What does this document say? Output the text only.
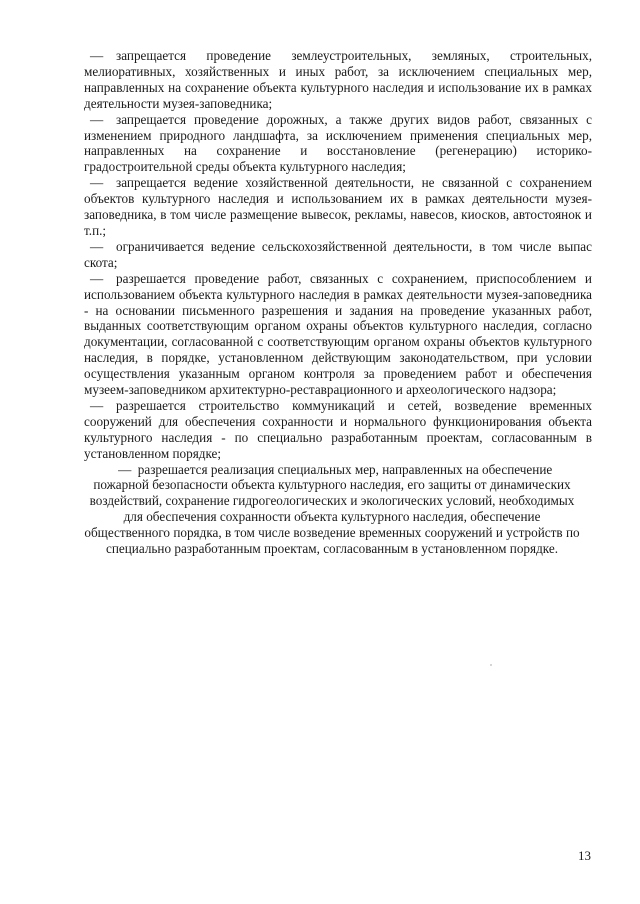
— запрещается проведение землеустроительных, земляных, строительных, мелиоративных, хозяйственных и иных работ, за исключением специальных мер, направленных на сохранение объекта культурного наследия и использование их в рамках деятельности музея-заповедника;

— запрещается проведение дорожных, а также других видов работ, связанных с изменением природного ландшафта, за исключением применения специальных мер, направленных на сохранение и восстановление (регенерацию) историко-градостроительной среды объекта культурного наследия;

— запрещается ведение хозяйственной деятельности, не связанной с сохранением объектов культурного наследия и использованием их в рамках деятельности музея-заповедника, в том числе размещение вывесок, рекламы, навесов, киосков, автостоянок и т.п.;

— ограничивается ведение сельскохозяйственной деятельности, в том числе выпас скота;

— разрешается проведение работ, связанных с сохранением, приспособлением и использованием объекта культурного наследия в рамках деятельности музея-заповедника - на основании письменного разрешения и задания на проведение указанных работ, выданных соответствующим органом охраны объектов культурного наследия, согласно документации, согласованной с соответствующим органом охраны объектов культурного наследия, в порядке, установленном действующим законодательством, при условии осуществления указанным органом контроля за проведением работ и обеспечения музеем-заповедником архитектурно-реставрационного и археологического надзора;

— разрешается строительство коммуникаций и сетей, возведение временных сооружений для обеспечения сохранности и нормального функционирования объекта культурного наследия - по специально разработанным проектам, согласованным в установленном порядке;

— разрешается реализация специальных мер, направленных на обеспечение пожарной безопасности объекта культурного наследия, его защиты от динамических воздействий, сохранение гидрогеологических и экологических условий, необходимых для обеспечения сохранности объекта культурного наследия, обеспечение общественного порядка, в том числе возведение временных сооружений и устройств по специально разработанным проектам, согласованным в установленном порядке.

13
